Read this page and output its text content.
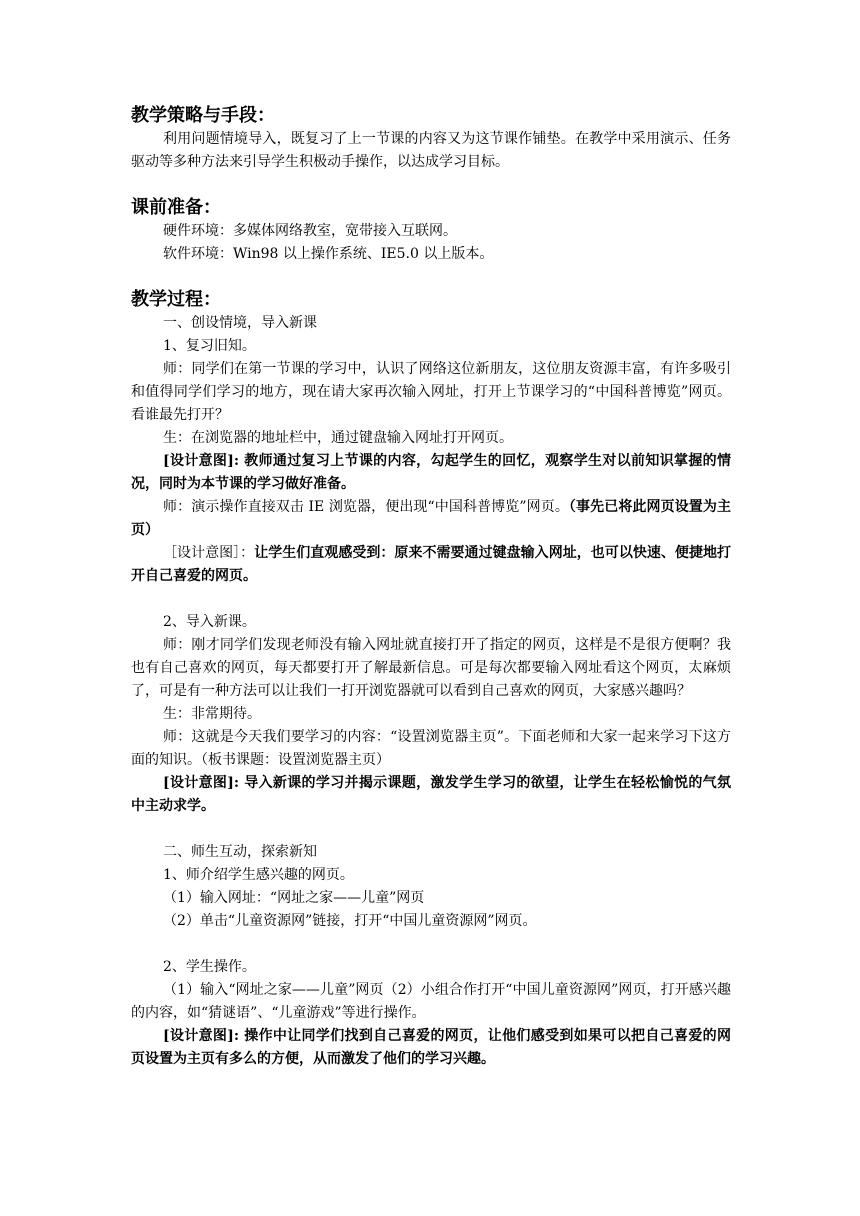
教学策略与手段：

利用问题情境导入，既复习了上一节课的内容又为这节课作铺垫。在教学中采用演示、任务驱动等多种方法来引导学生积极动手操作，以达成学习目标。

课前准备：

硬件环境：多媒体网络教室，宽带接入互联网。

软件环境：Win98 以上操作系统、IE5.0 以上版本。

教学过程：

一、创设情境，导入新课

1、复习旧知。

师：同学们在第一节课的学习中，认识了网络这位新朋友，这位朋友资源丰富，有许多吸引和值得同学们学习的地方，现在请大家再次输入网址，打开上节课学习的“中国科普博览”网页。看谁最先打开？

生：在浏览器的地址栏中，通过键盘输入网址打开网页。

[设计意图]: 教师通过复习上节课的内容，勾起学生的回忆，观察学生对以前知识掌握的情况，同时为本节课的学习做好准备。

师：演示操作直接双击 IE 浏览器，便出现“中国科普博览”网页。（事先已将此网页设置为主页）

［设计意图］：让学生们直观感受到：原来不需要通过键盘输入网址，也可以快速、便捷地打开自己喜爱的网页。

2、导入新课。

师：刚才同学们发现老师没有输入网址就直接打开了指定的网页，这样是不是很方便啊？我也有自己喜欢的网页，每天都要打开了解最新信息。可是每次都要输入网址看这个网页，太麻烦了，可是有一种方法可以让我们一打开浏览器就可以看到自己喜欢的网页，大家感兴趣吗？

生：非常期待。

师：这就是今天我们要学习的内容：“设置浏览器主页”。下面老师和大家一起来学习下这方面的知识。（板书课题：设置浏览器主页）

[设计意图]: 导入新课的学习并揭示课题，激发学生学习的欲望，让学生在轻松愉悦的气氛中主动求学。

二、师生互动，探索新知

1、师介绍学生感兴趣的网页。

（1）输入网址：“网址之家——儿童”网页

（2）单击“儿童资源网”链接，打开“中国儿童资源网”网页。

2、学生操作。

（1）输入“网址之家——儿童”网页（2）小组合作打开“中国儿童资源网”网页，打开感兴趣的内容，如“猜谜语”、“儿童游戏”等进行操作。

[设计意图]: 操作中让同学们找到自己喜爱的网页，让他们感受到如果可以把自己喜爱的网页设置为主页有多么的方便，从而激发了他们的学习兴趣。
